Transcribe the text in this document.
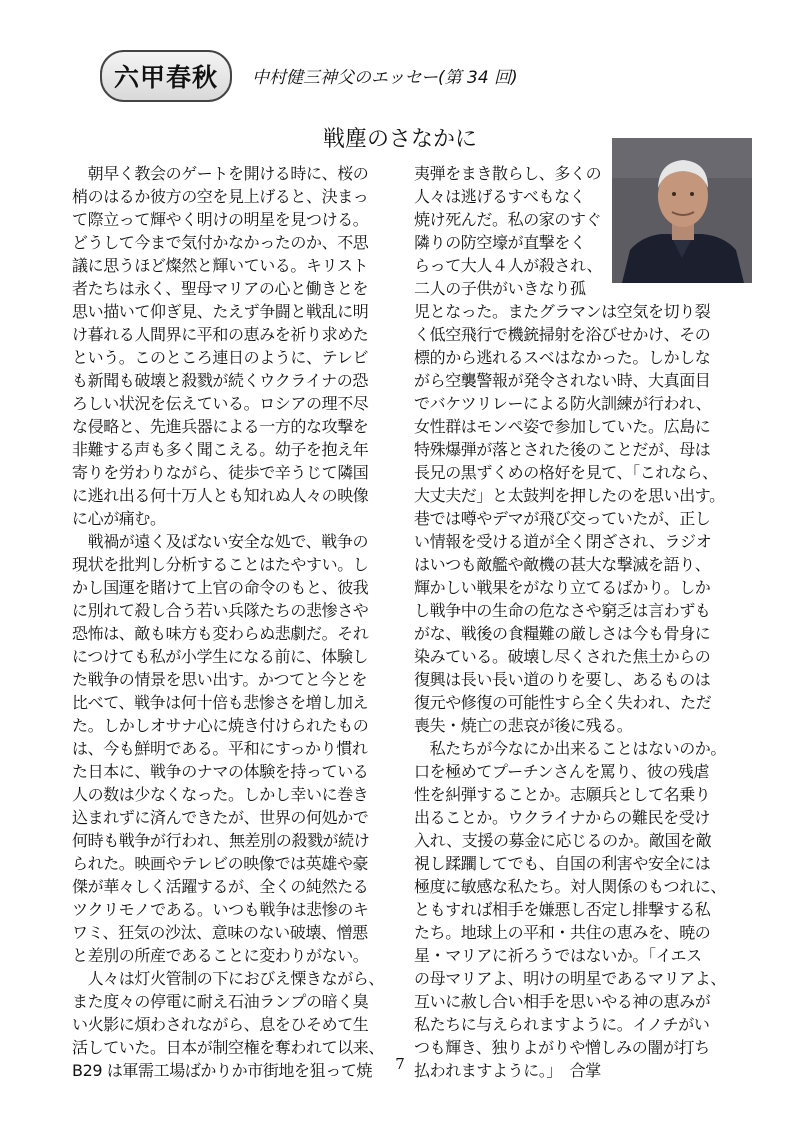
六甲春秋	中村健三神父のエッセー(第 34 回)
戦塵のさなかに
　朝早く教会のゲートを開ける時に、桜の
梢のはるか彼方の空を見上げると、決まっ
て際立って輝やく明けの明星を見つける。
どうして今まで気付かなかったのか、不思
議に思うほど燦然と輝いている。キリスト
者たちは永く、聖母マリアの心と働きとを
思い描いて仰ぎ見、たえず争闘と戦乱に明
け暮れる人間界に平和の恵みを祈り求めた
という。このところ連日のように、テレビ
も新聞も破壊と殺戮が続くウクライナの恐
ろしい状況を伝えている。ロシアの理不尽
な侵略と、先進兵器による一方的な攻撃を
非難する声も多く聞こえる。幼子を抱え年
寄りを労わりながら、徒歩で辛うじて隣国
に逃れ出る何十万人とも知れぬ人々の映像
に心が痛む。
　戦禍が遠く及ばない安全な処で、戦争の
現状を批判し分析することはたやすい。し
かし国運を賭けて上官の命令のもと、彼我
に別れて殺し合う若い兵隊たちの悲惨さや
恐怖は、敵も味方も変わらぬ悲劇だ。それ
につけても私が小学生になる前に、体験し
た戦争の情景を思い出す。かつてと今とを
比べて、戦争は何十倍も悲惨さを増し加え
た。しかしオサナ心に焼き付けられたもの
は、今も鮮明である。平和にすっかり慣れ
た日本に、戦争のナマの体験を持っている
人の数は少なくなった。しかし幸いに巻き
込まれずに済んできたが、世界の何処かで
何時も戦争が行われ、無差別の殺戮が続け
られた。映画やテレビの映像では英雄や豪
傑が華々しく活躍するが、全くの純然たる
ツクリモノである。いつも戦争は悲惨のキ
ワミ、狂気の沙汰、意味のない破壊、憎悪
と差別の所産であることに変わりがない。
　人々は灯火管制の下におびえ慄きながら、
また度々の停電に耐え石油ランプの暗く臭
い火影に煩わされながら、息をひそめて生
活していた。日本が制空権を奪われて以来、
B29 は軍需工場ばかりか市街地を狙って焼
夷弾をまき散らし、多くの
人々は逃げるすべもなく
焼け死んだ。私の家のすぐ
隣りの防空壕が直撃をく
らって大人４人が殺され、
二人の子供がいきなり孤
児となった。またグラマンは空気を切り裂
く低空飛行で機銃掃射を浴びせかけ、その
標的から逃れるスベはなかった。しかしな
がら空襲警報が発令されない時、大真面目
でバケツリレーによる防火訓練が行われ、
女性群はモンペ姿で参加していた。広島に
特殊爆弾が落とされた後のことだが、母は
長兄の黒ずくめの格好を見て、「これなら、
大丈夫だ」と太鼓判を押したのを思い出す。
巷では噂やデマが飛び交っていたが、正し
い情報を受ける道が全く閉ざされ、ラジオ
はいつも敵艦や敵機の甚大な撃滅を語り、
輝かしい戦果をがなり立てるばかり。しか
し戦争中の生命の危なさや窮乏は言わずも
がな、戦後の食糧難の厳しさは今も骨身に
染みている。破壊し尽くされた焦土からの
復興は長い長い道のりを要し、あるものは
復元や修復の可能性すら全く失われ、ただ
喪失・焼亡の悲哀が後に残る。
　私たちが今なにか出来ることはないのか。
口を極めてプーチンさんを罵り、彼の残虐
性を糾弾することか。志願兵として名乗り
出ることか。ウクライナからの難民を受け
入れ、支援の募金に応じるのか。敵国を敵
視し蹂躙してでも、自国の利害や安全には
極度に敏感な私たち。対人関係のもつれに、
ともすれば相手を嫌悪し否定し排撃する私
たち。地球上の平和・共住の恵みを、暁の
星・マリアに祈ろうではないか。「イエス
の母マリアよ、明けの明星であるマリアよ、
互いに赦し合い相手を思いやる神の恵みが
私たちに与えられますように。イノチがい
つも輝き、独りよがりや憎しみの闇が打ち
払われますように。」　合掌
7
